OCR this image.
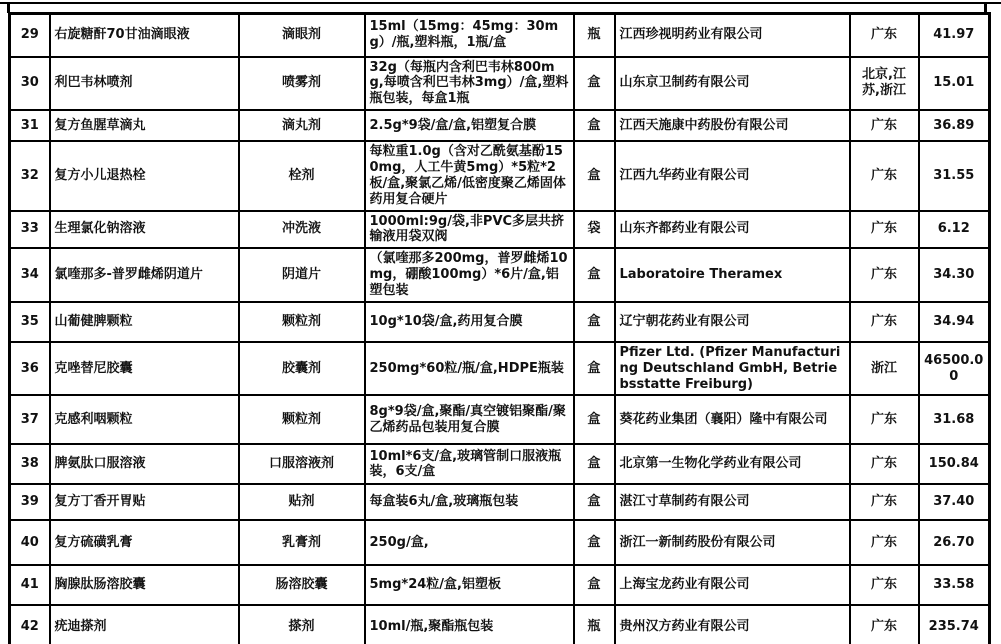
29	右旋糖酐70甘油滴眼液	滴眼剂	15ml（15mg：45mg：30mg）/瓶,塑料瓶，1瓶/盒	瓶	江西珍视明药业有限公司	广东	41.97
30	利巴韦林喷剂	喷雾剂	32g（每瓶内含利巴韦林800mg,每喷含利巴韦林3mg）/盒,塑料瓶包装，每盒1瓶	盒	山东京卫制药有限公司	北京,江苏,浙江	15.01
31	复方鱼腥草滴丸	滴丸剂	2.5g*9袋/盒/盒,铝塑复合膜	盒	江西天施康中药股份有限公司	广东	36.89
32	复方小儿退热栓	栓剂	每粒重1.0g（含对乙酰氨基酚150mg，人工牛黄5mg）*5粒*2板/盒,聚氯乙烯/低密度聚乙烯固体药用复合硬片	盒	江西九华药业有限公司	广东	31.55
33	生理氯化钠溶液	冲洗液	1000ml:9g/袋,非PVC多层共挤输液用袋双阀	袋	山东齐都药业有限公司	广东	6.12
34	氯喹那多-普罗雌烯阴道片	阴道片	（氯喹那多200mg，普罗雌烯10mg，硼酸100mg）*6片/盒,铝塑包装	盒	Laboratoire Theramex	广东	34.30
35	山葡健脾颗粒	颗粒剂	10g*10袋/盒,药用复合膜	盒	辽宁朝花药业有限公司	广东	34.94
36	克唑替尼胶囊	胶囊剂	250mg*60粒/瓶/盒,HDPE瓶装	盒	Pfizer Ltd. (Pfizer Manufacturing Deutschland GmbH, Betriebsstatte Freiburg)	浙江	46500.00
37	克感利咽颗粒	颗粒剂	8g*9袋/盒,聚酯/真空镀铝聚酯/聚乙烯药品包装用复合膜	盒	葵花药业集团（襄阳）隆中有限公司	广东	31.68
38	脾氨肽口服溶液	口服溶液剂	10ml*6支/盒,玻璃管制口服液瓶装，6支/盒	盒	北京第一生物化学药业有限公司	广东	150.84
39	复方丁香开胃贴	贴剂	每盒装6丸/盒,玻璃瓶包装	盒	湛江寸草制药有限公司	广东	37.40
40	复方硫磺乳膏	乳膏剂	250g/盒,	盒	浙江一新制药股份有限公司	广东	26.70
41	胸腺肽肠溶胶囊	肠溶胶囊	5mg*24粒/盒,铝塑板	盒	上海宝龙药业有限公司	广东	33.58
42	疣迪搽剂	搽剂	10ml/瓶,聚酯瓶包装	瓶	贵州汉方药业有限公司	广东	235.74
